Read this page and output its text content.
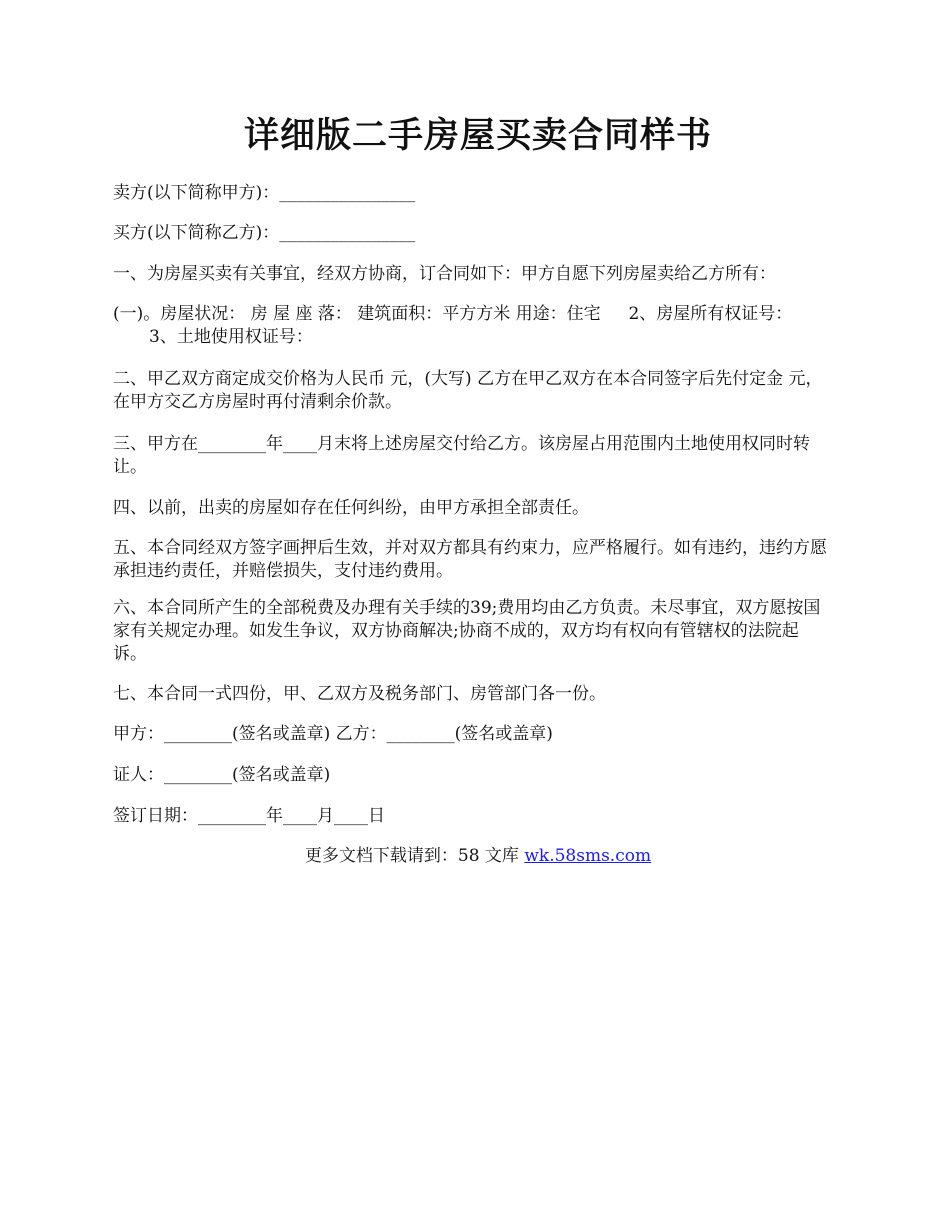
详细版二手房屋买卖合同样书

卖方(以下简称甲方)：________________

买方(以下简称乙方)：________________

一、为房屋买卖有关事宜，经双方协商，订合同如下：甲方自愿下列房屋卖给乙方所有：

(一)。房屋状况： 房 屋 座 落： 建筑面积：平方方米 用途：住宅 　 2、房屋所有权证号：
3、土地使用权证号：

二、甲乙双方商定成交价格为人民币 元，(大写) 乙方在甲乙双方在本合同签字后先付定金 元，在甲方交乙方房屋时再付清剩余价款。

三、甲方在________年____月末将上述房屋交付给乙方。该房屋占用范围内土地使用权同时转让。

四、以前，出卖的房屋如存在任何纠纷，由甲方承担全部责任。

五、本合同经双方签字画押后生效，并对双方都具有约束力，应严格履行。如有违约，违约方愿承担违约责任，并赔偿损失，支付违约费用。

六、本合同所产生的全部税费及办理有关手续的39;费用均由乙方负责。未尽事宜，双方愿按国家有关规定办理。如发生争议，双方协商解决;协商不成的，双方均有权向有管辖权的法院起诉。

七、本合同一式四份，甲、乙双方及税务部门、房管部门各一份。

甲方：________(签名或盖章) 乙方：________(签名或盖章)

证人：________(签名或盖章)

签订日期：________年____月____日

更多文档下载请到：58 文库 wk.58sms.com
